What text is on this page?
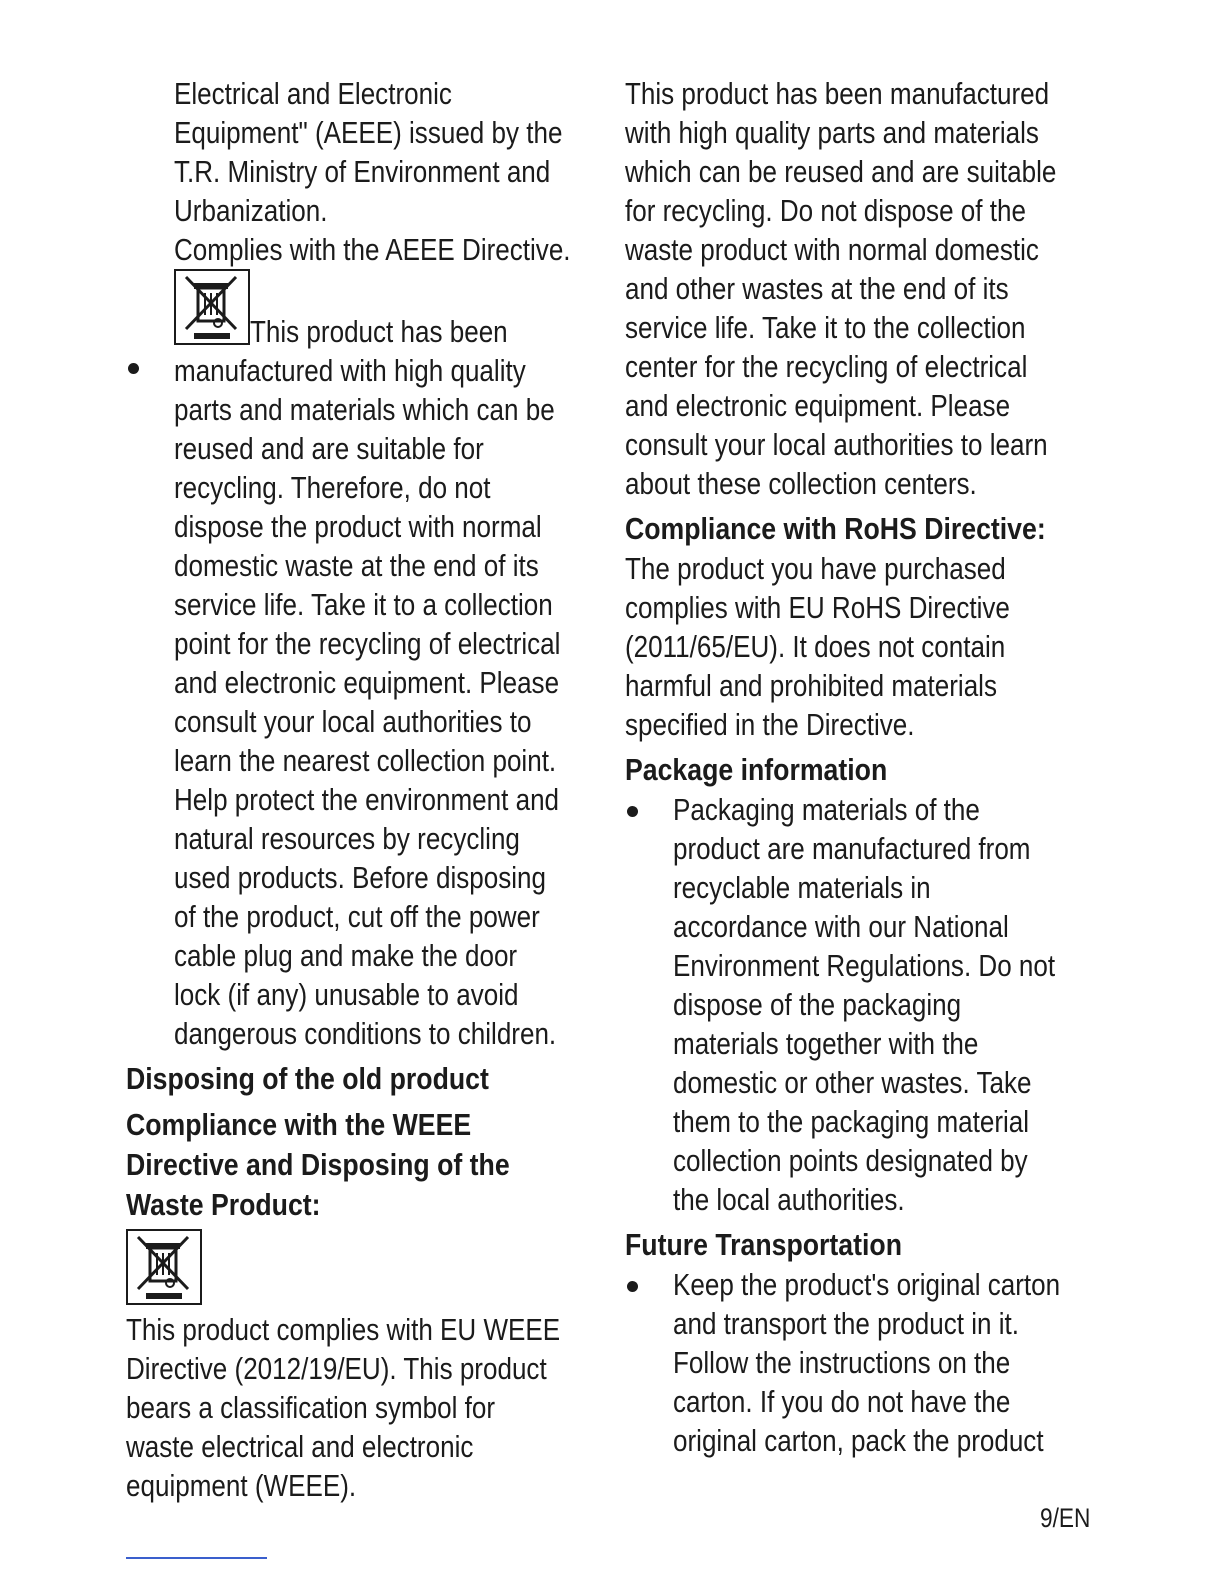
Electrical and Electronic

Equipment" (AEEE) issued by the

T.R. Ministry of Environment and

Urbanization.

Complies with the AEEE Directive.

This product has been

manufactured with high quality

parts and materials which can be

reused and are suitable for

recycling. Therefore, do not

dispose the product with normal

domestic waste at the end of its

service life. Take it to a collection

point for the recycling of electrical

and electronic equipment. Please

consult your local authorities to

learn the nearest collection point.

Help protect the environment and

natural resources by recycling

used products. Before disposing

of the product, cut off the power

cable plug and make the door

lock (if any) unusable to avoid

dangerous conditions to children.

Disposing of the old product
Compliance with the WEEE
Directive and Disposing of the
Waste Product:

This product complies with EU WEEE

Directive (2012/19/EU). This product

bears a classification symbol for

waste electrical and electronic

equipment (WEEE).

This product has been manufactured

with high quality parts and materials

which can be reused and are suitable

for recycling. Do not dispose of the

waste product with normal domestic

and other wastes at the end of its

service life. Take it to the collection

center for the recycling of electrical

and electronic equipment. Please

consult your local authorities to learn

about these collection centers.

Compliance with RoHS Directive:

The product you have purchased

complies with EU RoHS Directive

(2011/65/EU). It does not contain

harmful and prohibited materials

specified in the Directive.

Package information

Packaging materials of the

product are manufactured from

recyclable materials in

accordance with our National

Environment Regulations. Do not

dispose of the packaging

materials together with the

domestic or other wastes. Take

them to the packaging material

collection points designated by

the local authorities.

Future Transportation

Keep the product's original carton

and transport the product in it.

Follow the instructions on the

carton. If you do not have the

original carton, pack the product

9/EN
